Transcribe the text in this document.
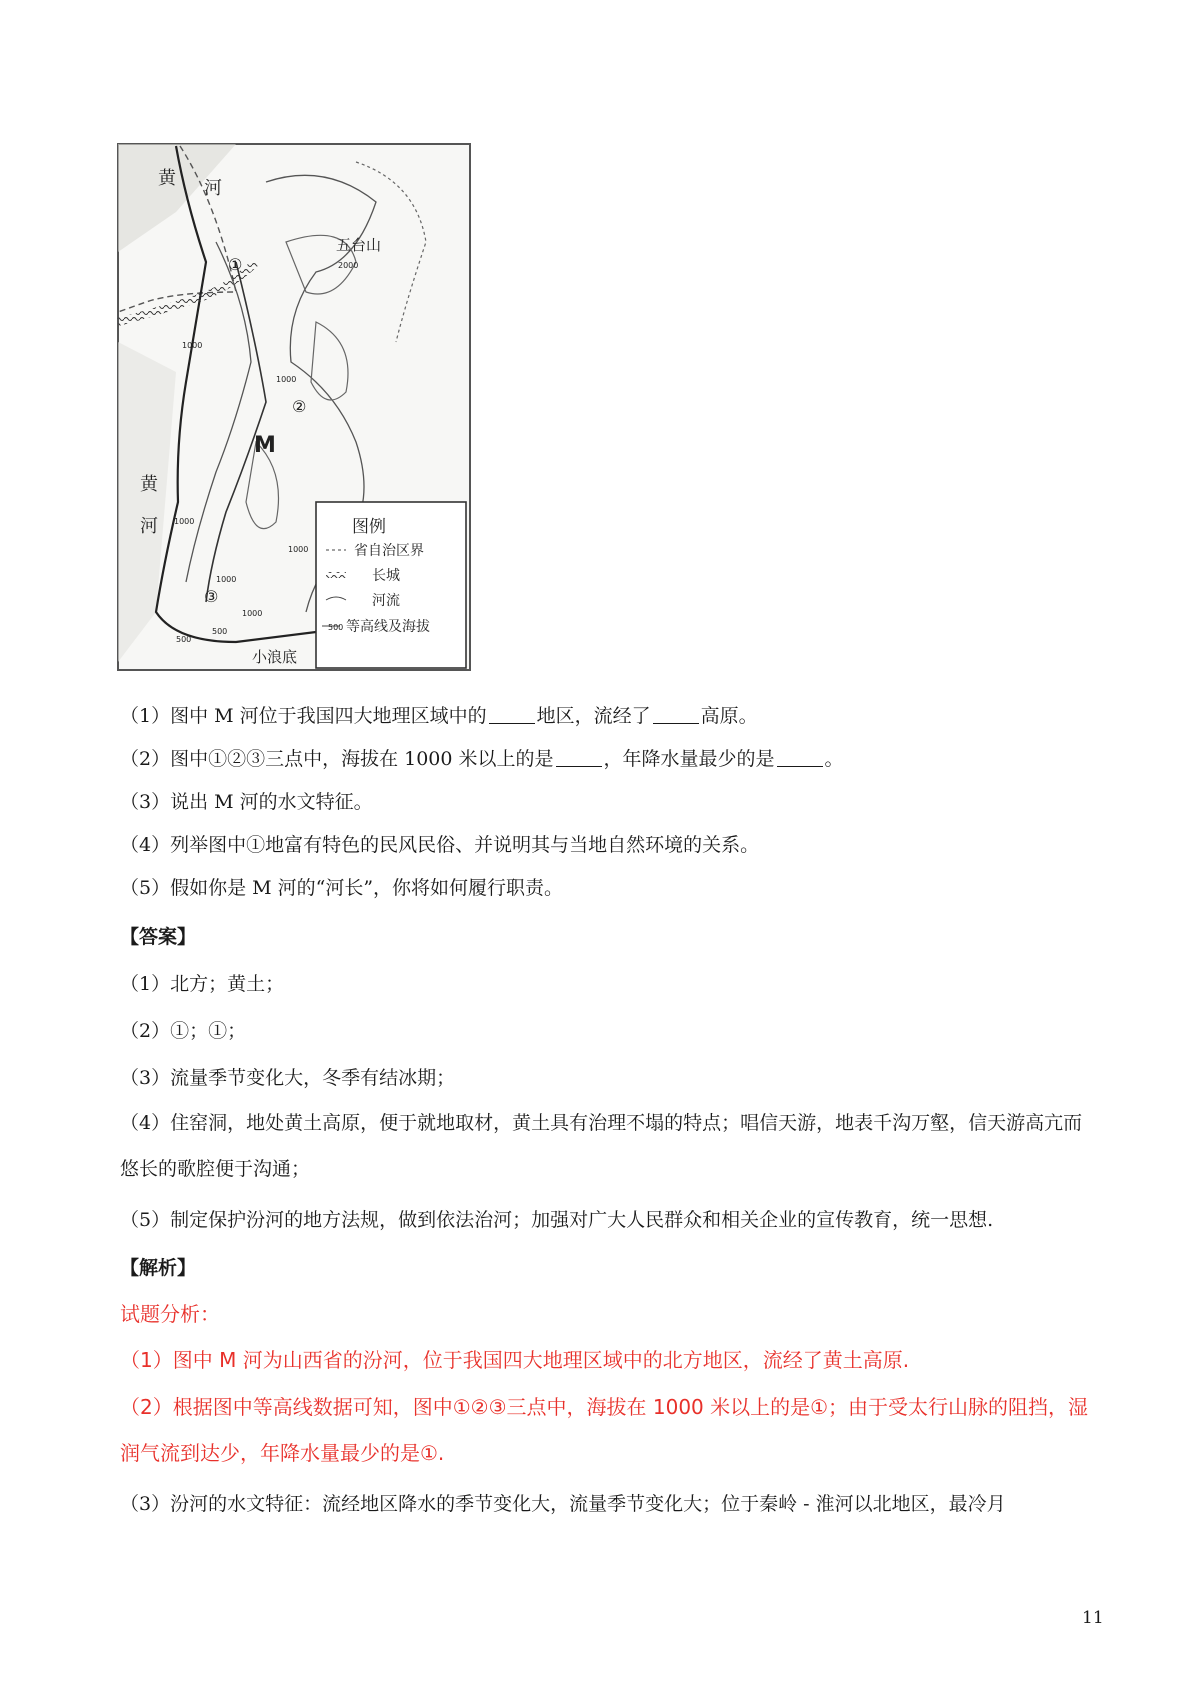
图例
省自治区界
长城
河流
500 等高线及海拔
黄 河
黄
河
五台山
M
①
②
③
1000
2000
1000
1000
1000
1000
500
500
1000
小浪底
（1）图中 M 河位于我国四大地理区域中的	地区，流经了	高原。
（2）图中①②③三点中，海拔在 1000 米以上的是	，年降水量最少的是	。
（3）说出 M 河的水文特征。
（4）列举图中①地富有特色的民风民俗、并说明其与当地自然环境的关系。
（5）假如你是 M 河的“河长”，你将如何履行职责。
【答案】
（1）北方；黄土；
（2）①；①；
（3）流量季节变化大，冬季有结冰期；
（4）住窑洞，地处黄土高原，便于就地取材，黄土具有治理不塌的特点；唱信天游，地表千沟万壑，信天游高亢而悠长的歌腔便于沟通；
（5）制定保护汾河的地方法规，做到依法治河；加强对广大人民群众和相关企业的宣传教育，统一思想.
【解析】
试题分析：
（1）图中 M 河为山西省的汾河，位于我国四大地理区域中的北方地区，流经了黄土高原.
（2）根据图中等高线数据可知，图中①②③三点中，海拔在 1000 米以上的是①；由于受太行山脉的阻挡，湿润气流到达少，年降水量最少的是①.
（3）汾河的水文特征：流经地区降水的季节变化大，流量季节变化大；位于秦岭 - 淮河以北地区，最冷月
11
